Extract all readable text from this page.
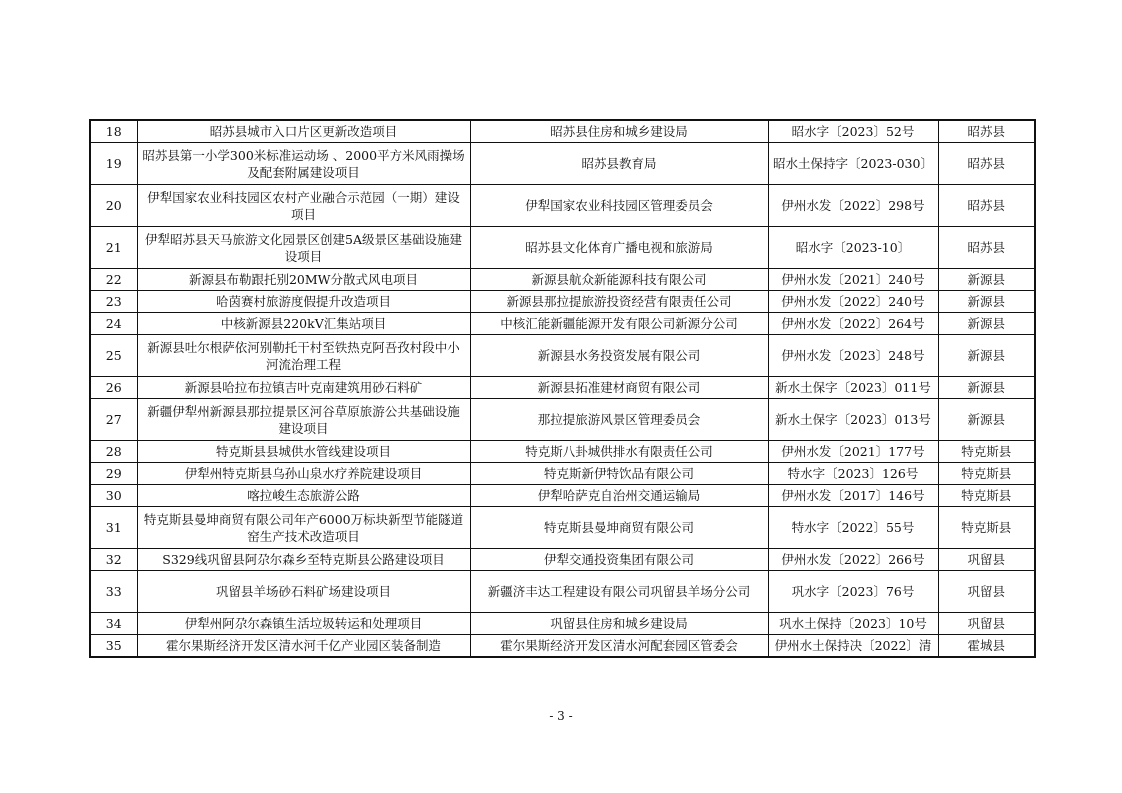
18	昭苏县城市入口片区更新改造项目	昭苏县住房和城乡建设局	昭水字〔2023〕52号	昭苏县
19	昭苏县第一小学300米标准运动场 、2000平方米风雨操场及配套附属建设项目	昭苏县教育局	昭水土保持字〔2023-030〕	昭苏县
20	伊犁国家农业科技园区农村产业融合示范园（一期）建设项目	伊犁国家农业科技园区管理委员会	伊州水发〔2022〕298号	昭苏县
21	伊犁昭苏县天马旅游文化园景区创建5A级景区基础设施建设项目	昭苏县文化体育广播电视和旅游局	昭水字〔2023-10〕	昭苏县
22	新源县布勒跟托别20MW分散式风电项目	新源县航众新能源科技有限公司	伊州水发〔2021〕240号	新源县
23	哈茵赛村旅游度假提升改造项目	新源县那拉提旅游投资经营有限责任公司	伊州水发〔2022〕240号	新源县
24	中核新源县220kV汇集站项目	中核汇能新疆能源开发有限公司新源分公司	伊州水发〔2022〕264号	新源县
25	新源县吐尔根萨依河别勒托干村至铁热克阿吾孜村段中小河流治理工程	新源县水务投资发展有限公司	伊州水发〔2023〕248号	新源县
26	新源县哈拉布拉镇吉叶克南建筑用砂石料矿	新源县拓准建材商贸有限公司	新水土保字〔2023〕011号	新源县
27	新疆伊犁州新源县那拉提景区河谷草原旅游公共基础设施建设项目	那拉提旅游风景区管理委员会	新水土保字〔2023〕013号	新源县
28	特克斯县县城供水管线建设项目	特克斯八卦城供排水有限责任公司	伊州水发〔2021〕177号	特克斯县
29	伊犁州特克斯县乌孙山泉水疗养院建设项目	特克斯新伊特饮品有限公司	特水字〔2023〕126号	特克斯县
30	喀拉峻生态旅游公路	伊犁哈萨克自治州交通运输局	伊州水发〔2017〕146号	特克斯县
31	特克斯县曼坤商贸有限公司年产6000万标块新型节能隧道窑生产技术改造项目	特克斯县曼坤商贸有限公司	特水字〔2022〕55号	特克斯县
32	S329线巩留县阿尕尔森乡至特克斯县公路建设项目	伊犁交通投资集团有限公司	伊州水发〔2022〕266号	巩留县
33	巩留县羊场砂石料矿场建设项目	新疆济丰达工程建设有限公司巩留县羊场分公司	巩水字〔2023〕76号	巩留县
34	伊犁州阿尕尔森镇生活垃圾转运和处理项目	巩留县住房和城乡建设局	巩水土保持〔2023〕10号	巩留县
35	霍尔果斯经济开发区清水河千亿产业园区装备制造	霍尔果斯经济开发区清水河配套园区管委会	伊州水土保持决〔2022〕清	霍城县
- 3 -
